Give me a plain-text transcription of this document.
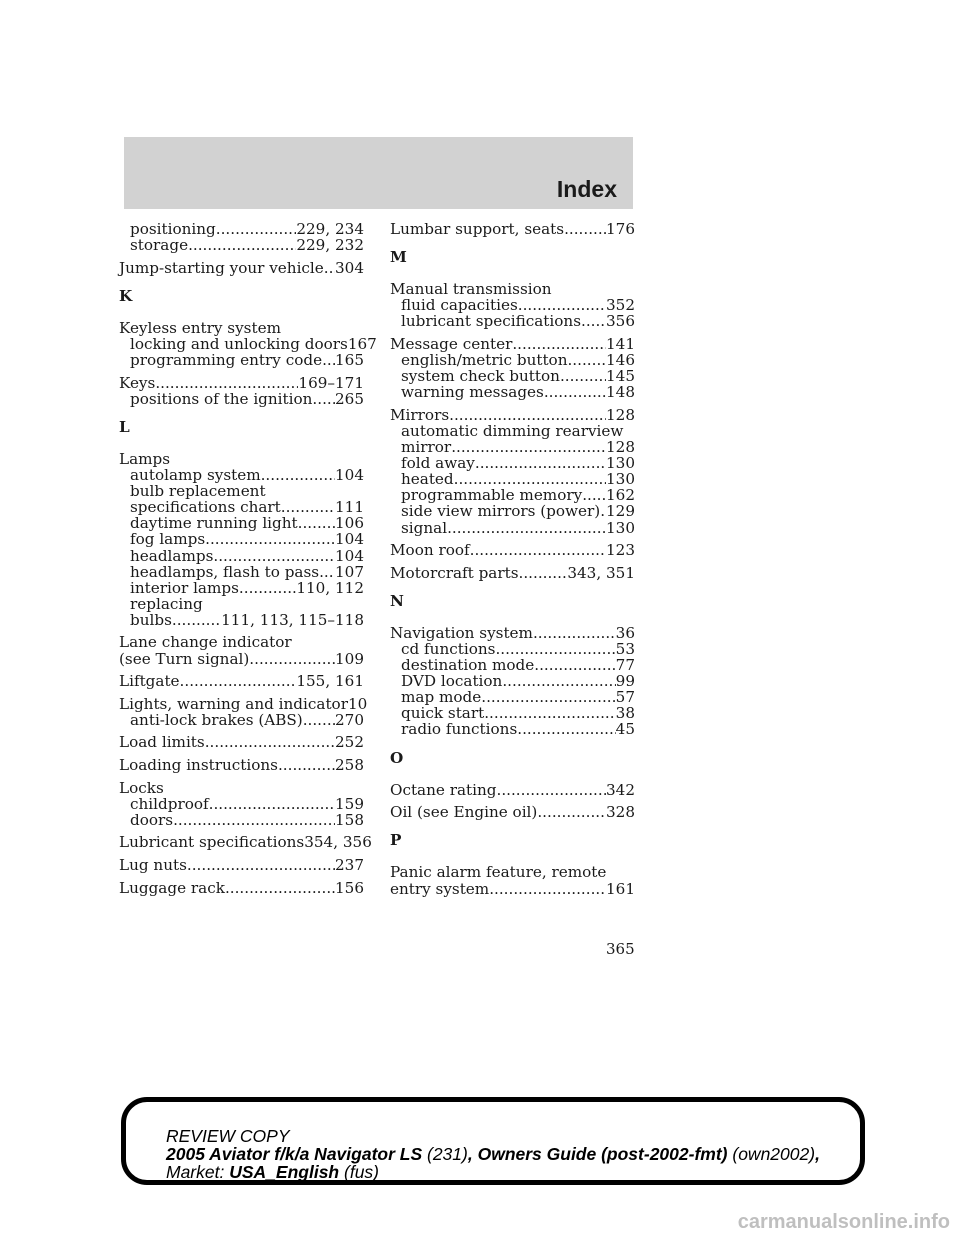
Index
positioning .....	229, 234
storage .....	229, 232
Jump-starting your vehicle ..... 304
K
Keyless entry system
locking and unlocking doors 167
programming entry code ..... 165
Keys .....	169–171
positions of the ignition ..... 265
L
Lamps
autolamp system .....	104
bulb replacement
specifications chart .....	111
daytime running light ..... 106
fog lamps .....	104
headlamps .....	104
headlamps, flash to pass ..... 107
interior lamps .....	110, 112
replacing
bulbs .....	111, 113, 115–118
Lane change indicator
(see Turn signal) .....	109
Liftgate .....	155, 161
Lights, warning and indicator 10
anti-lock brakes (ABS) ..... 270
Load limits .....	252
Loading instructions .....	258
Locks
childproof .....	159
doors .....	158
Lubricant specifications 354, 356
Lug nuts .....	237
Luggage rack .....	156
Lumbar support, seats .....	176
M
Manual transmission
fluid capacities .....	352
lubricant specifications ..... 356
Message center .....	141
english/metric button .....	146
system check button .....	145
warning messages .....	148
Mirrors .....	128
automatic dimming rearview
mirror .....	128
fold away .....	130
heated .....	130
programmable memory ..... 162
side view mirrors (power) ..... 129
signal .....	130
Moon roof .....	123
Motorcraft parts .....	343, 351
N
Navigation system .....	36
cd functions .....	53
destination mode .....	77
DVD location .....	99
map mode .....	57
quick start .....	38
radio functions .....	45
O
Octane rating .....	342
Oil (see Engine oil) .....	328
P
Panic alarm feature, remote
entry system .....	161
365
REVIEW COPY
2005 Aviator f/k/a Navigator LS (231), Owners Guide (post-2002-fmt) (own2002),
Market: USA_English (fus)
carmanualsonline.info
